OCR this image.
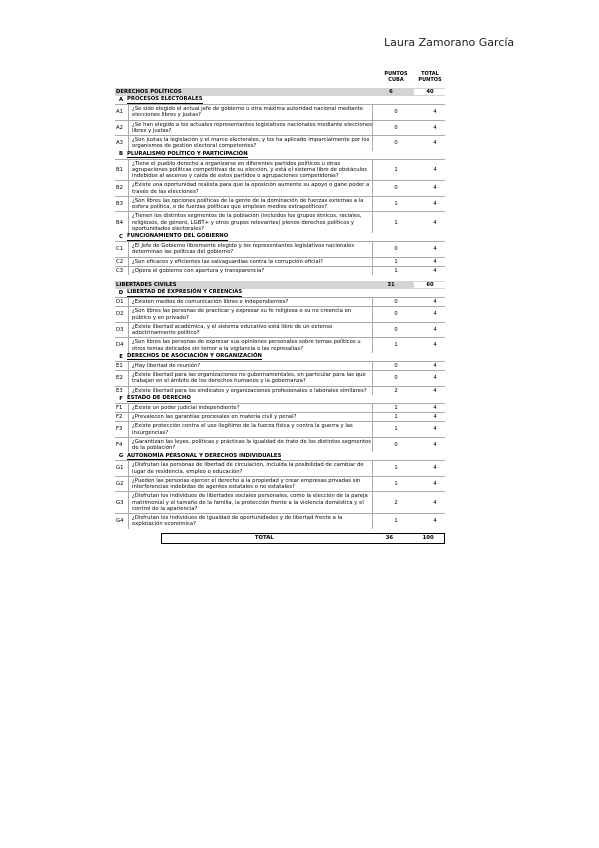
Laura Zamorano García
PUNTOS CUBA
TOTAL PUNTOS
DERECHOS POLÍTICOS	6	40
A PROCESOS ELECTORALES
A1
¿Se sido elegido el actual jefe de gobierno u otra máxima autoridad nacional mediante elecciones libres y justas?
0	4
A2
¿Se han elegido a los actuales representantes legislativos nacionales mediante elecciones libres y justas?
0	4
A3
¿Son justas la legislación y el marco electorales, y los ha aplicado imparcialmente por los organismos de gestión electoral competentes?
0	4
B PLURALISMO POLÍTICO Y PARTICIPACIÓN
B1
¿Tiene el pueblo derecho a organizarse en diferentes partidos políticos u otras agrupaciones políticas competitivas de su elección, y está el sistema libre de obstáculos indebidos al ascenso y caída de estos partidos o agrupaciones competidoras?
1	4
B2
¿Existe una oportunidad realista para que la oposición aumente su apoyo o gane poder a través de las elecciones?
0	4
B3
¿Son libres las opciones políticas de la gente de la dominación de fuerzas externas a la esfera política, o de fuerzas políticas que emplean medios extrapolíticos?
1	4
B4
¿Tienen los distintos segmentos de la población (incluidos los grupos étnicos, raciales, religiosos, de género, LGBT+ y otros grupos relevantes) plenos derechos políticos y oportunidades electorales?
1	4
C FUNCIONAMIENTO DEL GOBIERNO
C1
¿El Jefe de Gobierno libremente elegido y los representantes legislativos nacionales determinan las políticas del gobierno?
0	4
C2	¿Son eficaces y eficientes las salvaguardias contra la corrupción oficial?	1	4
C3	¿Opera el gobierno con apertura y transparencia?	1	4
LIBERTADES CIVILES	31	60
D LIBERTAD DE EXPRESIÓN Y CREENCIAS
D1	¿Existen medios de comunicación libres e independientes?	0	4
D2
¿Son libres las personas de practicar y expresar su fe religiosa o su no creencia en público y en privado?
0	4
D3
¿Existe libertad académica, y el sistema educativo está libre de un extenso adoctrinamiento político?
0	4
D4
¿Son libres las personas de expresar sus opiniones personales sobre temas políticos u otros temas delicados sin temor a la vigilancia o las represalias?
1	4
E DERECHOS DE ASOCIACIÓN Y ORGANIZACIÓN
E1	¿Hay libertad de reunión?	0	4
E2
¿Existe libertad para las organizaciones no gubernamentales, en particular para las que trabajan en el ámbito de los derechos humanos y la gobernanza?
0	4
E3	¿Existe libertad para los sindicatos y organizaciones profesionales o laborales similares?	2	4
F ESTADO DE DERECHO
F1	¿Existe un poder judicial independiente?	1	4
F2	¿Prevalecen las garantías procesales en materia civil y penal?	1	4
F3
¿Existe protección contra el uso ilegítimo de la fuerza física y contra la guerra y las insurgencias?
1	4
F4
¿Garantizan las leyes, políticas y prácticas la igualdad de trato de los distintos segmentos de la población?
0	4
G AUTONOMÍA PERSONAL Y DERECHOS INDIVIDUALES
G1
¿Disfrutan las personas de libertad de circulación, incluida la posibilidad de cambiar de lugar de residencia, empleo o educación?
1	4
G2
¿Pueden las personas ejercer el derecho a la propiedad y crear empresas privadas sin interferencias indebidas de agentes estatales o no estatales?
1	4
G3
¿Disfrutan los individuos de libertades sociales personales, como la elección de la pareja matrimonial y el tamaño de la familia, la protección frente a la violencia doméstica y el control de la apariencia?
2	4
G4
¿Disfrutan los individuos de igualdad de oportunidades y de libertad frente a la explotación económica?
1	4
TOTAL	36	100
